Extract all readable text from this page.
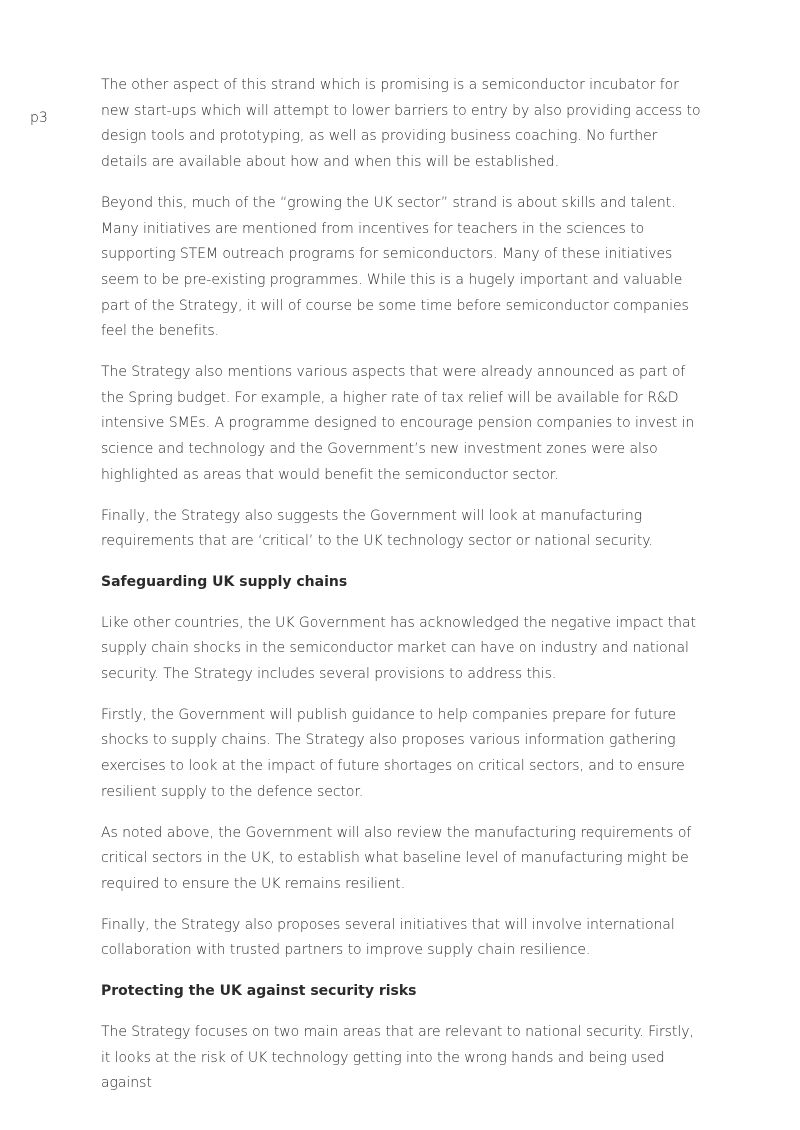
p3

The other aspect of this strand which is promising is a semiconductor incubator for new start-ups which will attempt to lower barriers to entry by also providing access to design tools and prototyping, as well as providing business coaching. No further details are available about how and when this will be established.

Beyond this, much of the “growing the UK sector” strand is about skills and talent. Many initiatives are mentioned from incentives for teachers in the sciences to supporting STEM outreach programs for semiconductors. Many of these initiatives seem to be pre-existing programmes. While this is a hugely important and valuable part of the Strategy, it will of course be some time before semiconductor companies feel the benefits.

The Strategy also mentions various aspects that were already announced as part of the Spring budget. For example, a higher rate of tax relief will be available for R&D intensive SMEs. A programme designed to encourage pension companies to invest in science and technology and the Government’s new investment zones were also highlighted as areas that would benefit the semiconductor sector.

Finally, the Strategy also suggests the Government will look at manufacturing requirements that are ‘critical’ to the UK technology sector or national security.

Safeguarding UK supply chains

Like other countries, the UK Government has acknowledged the negative impact that supply chain shocks in the semiconductor market can have on industry and national security. The Strategy includes several provisions to address this.

Firstly, the Government will publish guidance to help companies prepare for future shocks to supply chains. The Strategy also proposes various information gathering exercises to look at the impact of future shortages on critical sectors, and to ensure resilient supply to the defence sector.

As noted above, the Government will also review the manufacturing requirements of critical sectors in the UK, to establish what baseline level of manufacturing might be required to ensure the UK remains resilient.

Finally, the Strategy also proposes several initiatives that will involve international collaboration with trusted partners to improve supply chain resilience.

Protecting the UK against security risks

The Strategy focuses on two main areas that are relevant to national security. Firstly, it looks at the risk of UK technology getting into the wrong hands and being used against
